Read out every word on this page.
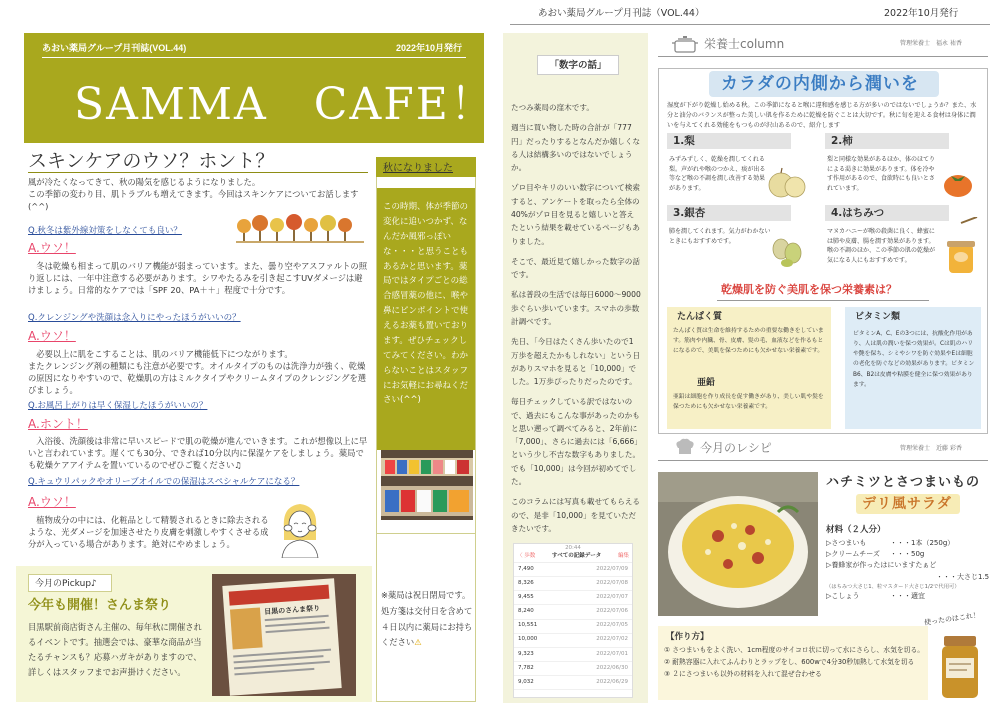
あおい薬局グループ月刊誌(VOL.44)	2022年10月発行
SAMMA　CAFE！
スキンケアのウソ？ホント？
風が冷たくなってきて、秋の陽気を感じるようになりました。
この季節の変わり目、肌トラブルも増えてきます。今回はスキンケアについてお話します(^^)
Q.秋冬は紫外線対策をしなくても良い？
A.ウソ！
冬は乾燥も相まって肌のバリア機能が弱まっています。また、曇り空やアスファルトの照り返しには、一年中注意する必要があります。シワやたるみを引き起こすUVダメージは避けましょう。日常的なケアでは「SPF 20、PA＋＋」程度で十分です。
Q.クレンジングや洗顔は念入りにやったほうがいいの？
A.ウソ！
必要以上に肌をこすることは、肌のバリア機能低下につながります。
またクレンジング剤の種類にも注意が必要です。オイルタイプのものは洗浄力が強く、乾燥の原因になりやすいので、乾燥肌の方はミルクタイプやクリームタイプのクレンジングを選びましょう。
Q.お風呂上がりは早く保湿したほうがいいの？
A.ホント！
入浴後、洗顔後は非常に早いスピードで肌の乾燥が進んでいきます。これが想像以上に早いと言われています。遅くても30分、できれば10分以内に保湿ケアをしましょう。薬局でも乾燥ケアアイテムを置いているのでぜひご覧ください♫
Q.キュウリパックやオリーブオイルでの保湿はスペシャルケアになる？
A.ウソ！
植物成分の中には、化粧品として精製されるときに除去されるような、光ダメージを加速させたり皮膚を刺激しやすくさせる成分が入っている場合があります。絶対にやめましょう。
秋になりました
この時期、体が季節の変化に追いつかず、なんだか風邪っぽいな・・・と思うこともあるかと思います。薬局ではタイプごとの総合感冒薬の他に、喉や鼻にピンポイントで使えるお薬も置いております。ぜひチェックしてみてください。わからないことはスタッフにお気軽にお尋ねください(^^)
※薬局は祝日閉局です。処方箋は交付日を含めて４日以内に薬局にお持ちください⚠
今月のPickup♪
今年も開催！さんま祭り
目黒駅前商店街さん主催の、毎年秋に開催されるイベントです。抽選会では、豪華な商品が当たるチャンスも？応募ハガキがありますので、詳しくはスタッフまでお声掛けください。
目黒のさんま祭り
あおい薬局グループ月刊誌（VOL.44）	2022年10月発行
「数字の話」

たつみ薬局の窪木です。

週当に買い物した時の合計が「777円」だったりするとなんだか嬉しくなる人は結構多いのではないでしょうか。

ゾロ目やキリのいい数字について検索すると、アンケートを取ったら全体の40%がゾロ目を見ると嬉しいと答えたという結果を載せているページもありました。

そこで、最近見て嬉しかった数字の話です。

私は普段の生活では毎日6000〜9000歩ぐらい歩いています。スマホの歩数計調べです。

先日、「今日はたくさん歩いたので1万歩を超えたかもしれない」という日がありスマホを見ると「10,000」でした。1万歩ぴったりだったのです。

毎日チェックしている訳ではないので、過去にもこんな事があったのかもと思い遡って調べてみると、2年前に「7,000」、さらに過去には「6,666」という少し不吉な数字もありました。でも「10,000」は今回が初めてでした。

このコラムには写真も載せてもらえるので、是非「10,000」を見ていただきたいです。

20:44
〈 歩数	すべての記録データ	編集
7,490	2022/07/09
8,326	2022/07/08
9,455	2022/07/07
8,240	2022/07/06
10,551	2022/07/05
10,000	2022/07/02
9,323	2022/07/01
7,782	2022/06/30
9,032	2022/06/29
栄養士column	管理栄養士　 福永 祐香
カラダの内側から潤いを
湿度が下がり乾燥し始める秋。この季節になると喉に違和感を感じる方が多いのではないでしょうか？また、水分と油分のバランスが整った美しい肌を作るために乾燥を防ぐことは大切です。秋に旬を迎える食材は身体に潤いを与えてくれる効能をもつものが沢山あるので、紹介します
1.梨
みずみずしく、乾燥を潤してくれる梨。声がれや喉のつかえ、痰が出る等など喉の不調を潤し改善する効果があります。
2.柿
梨と同様な効果があるほか、体のほてりによる渇きに効果があります。体を冷やす作用があるので、食欲時にも良いとされています。
3.銀杏
肺を潤してくれます。気力がわかないときにもおすすめです。
4.はちみつ
マヌカハニーが喉の殺菌に良く、蜂蜜には肺や皮膚、腸を潤す効果があります。喉の不調のほか、この季節の肌の乾燥が気になる人にもおすすめです。
乾燥肌を防ぐ美肌を保つ栄養素は？
たんぱく質
たんぱく質は生命を維持するための重要な働きをしています。筋肉や内臓、骨、皮膚、髪の毛、血液などを作るもとになるので、美肌を保つためにも欠かせない栄養素です。
亜鉛
亜鉛は細胞を作り成長を促す働きがあり、美しい肌や髪を保つためにも欠かせない栄養素です。
ビタミン類
ビタミンA、C、Eの3つには、抗酸化作用があり、人は肌の潤いを保つ効果が。Cは肌のハリや艶を保ち、シミやシワを防ぐ効果やEは細胞の老化を防ぐなどの効果があります。ビタミンB6、B2は皮膚や粘膜を健全に保つ効果があります。
今月のレシピ	管理栄養士　 近藤 彩香
ハチミツとさつまいもの
デリ風サラダ
材料（２人分）
▷さつまいも	・・・1本（250g）
▷クリームチーズ	・・・50g
▷養蜂家が作ったはにいますたぁど
・・・大さじ1.5
（はちみつ大さじ1、粒マスタード大さじ1/2で代用可）
▷こしょう	・・・適宜
【作り方】
① さつまいもをよく洗い、1cm程度のサイコロ状に切って水にさらし、水気を切る。
② 耐熱容器に入れてふんわりとラップをし、600wで4分30秒加熱して水気を切る
③ ２にさつまいも以外の材料を入れて混ぜ合わせる
使ったのはこれ！
